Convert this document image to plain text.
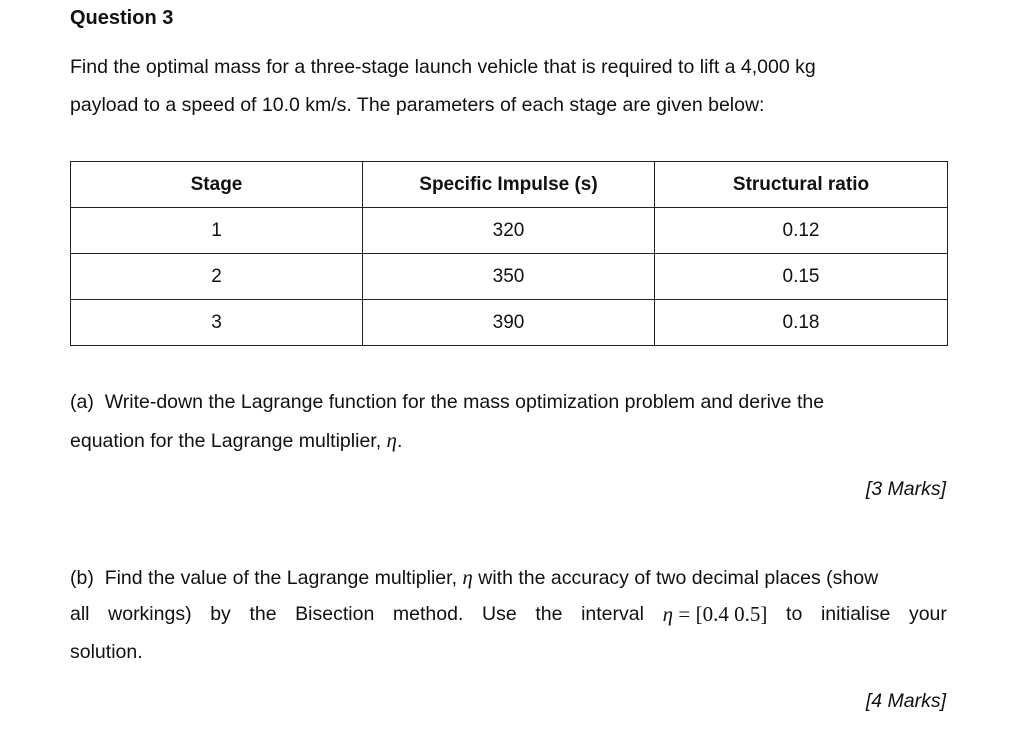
Question 3
Find the optimal mass for a three-stage launch vehicle that is required to lift a 4,000 kg
payload to a speed of 10.0 km/s. The parameters of each stage are given below:
Stage	Specific Impulse (s)	Structural ratio
1	320	0.12
2	350	0.15
3	390	0.18
(a) Write-down the Lagrange function for the mass optimization problem and derive the
equation for the Lagrange multiplier, η.
[3 Marks]
(b) Find the value of the Lagrange multiplier, η with the accuracy of two decimal places (show
all workings) by the Bisection method. Use the interval η = [0.4 0.5] to initialise your
solution.
[4 Marks]
